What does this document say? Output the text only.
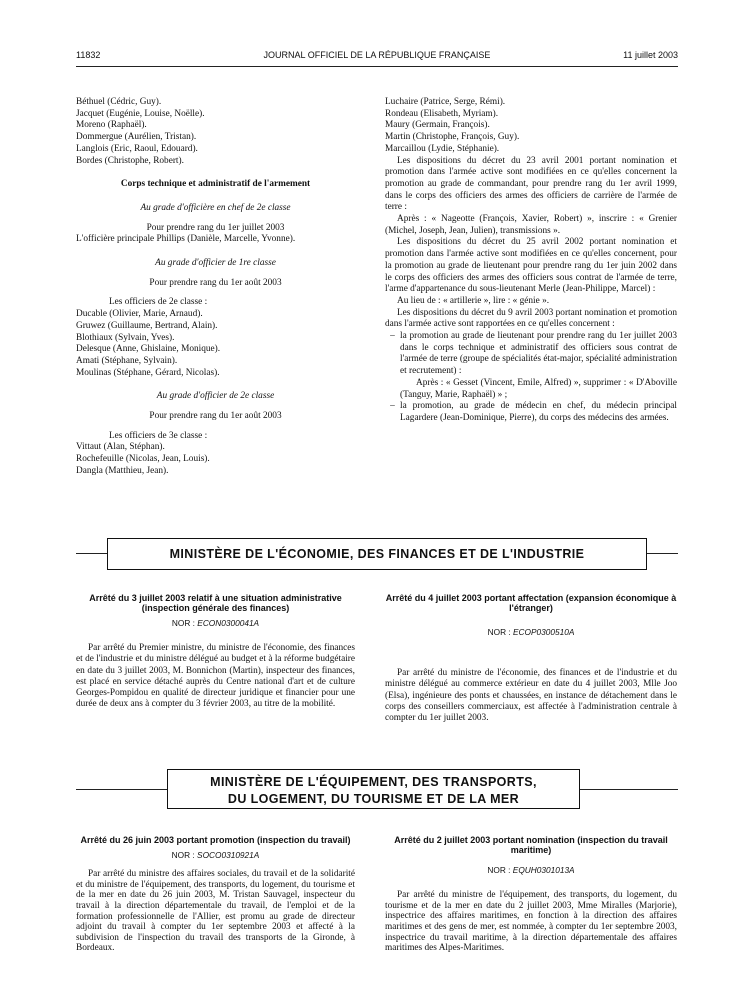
11832	JOURNAL OFFICIEL DE LA RÉPUBLIQUE FRANÇAISE	11 juillet 2003

Béthuel (Cédric, Guy).

Jacquet (Eugénie, Louise, Noëlle).

Moreno (Raphaël).

Dommergue (Aurélien, Tristan).

Langlois (Eric, Raoul, Edouard).

Bordes (Christophe, Robert).

Corps technique et administratif de l'armement

Au grade d'officière en chef de 2e classe

Pour prendre rang du 1er juillet 2003

L'officière principale Phillips (Danièle, Marcelle, Yvonne).

Au grade d'officier de 1re classe

Pour prendre rang du 1er août 2003

Les officiers de 2e classe :

Ducable (Olivier, Marie, Arnaud).

Gruwez (Guillaume, Bertrand, Alain).

Blothiaux (Sylvain, Yves).

Delesque (Anne, Ghislaine, Monique).

Amati (Stéphane, Sylvain).

Moulinas (Stéphane, Gérard, Nicolas).

Au grade d'officier de 2e classe

Pour prendre rang du 1er août 2003

Les officiers de 3e classe :

Vittaut (Alan, Stéphan).

Rochefeuille (Nicolas, Jean, Louis).

Dangla (Matthieu, Jean).

Luchaire (Patrice, Serge, Rémi).

Rondeau (Elisabeth, Myriam).

Maury (Germain, François).

Martin (Christophe, François, Guy).

Marcaillou (Lydie, Stéphanie).

Les dispositions du décret du 23 avril 2001 portant nomination et promotion dans l'armée active sont modifiées en ce qu'elles concernent la promotion au grade de commandant, pour prendre rang du 1er avril 1999, dans le corps des officiers des armes des officiers de carrière de l'armée de terre :

Après : « Nageotte (François, Xavier, Robert) », inscrire : « Grenier (Michel, Joseph, Jean, Julien), transmissions ».

Les dispositions du décret du 25 avril 2002 portant nomination et promotion dans l'armée active sont modifiées en ce qu'elles concernent, pour la promotion au grade de lieutenant pour prendre rang du 1er juin 2002 dans le corps des officiers des armes des officiers sous contrat de l'armée de terre, l'arme d'appartenance du sous-lieutenant Merle (Jean-Philippe, Marcel) :

Au lieu de : « artillerie », lire : « génie ».

Les dispositions du décret du 9 avril 2003 portant nomination et promotion dans l'armée active sont rapportées en ce qu'elles concernent :

– la promotion au grade de lieutenant pour prendre rang du 1er juillet 2003 dans le corps technique et administratif des officiers sous contrat de l'armée de terre (groupe de spécialités état-major, spécialité administration et recrutement) :
Après : « Gesset (Vincent, Emile, Alfred) », supprimer : « D'Aboville (Tanguy, Marie, Raphaël) » ;
– la promotion, au grade de médecin en chef, du médecin principal Lagardere (Jean-Dominique, Pierre), du corps des médecins des armées.
MINISTÈRE DE L'ÉCONOMIE, DES FINANCES ET DE L'INDUSTRIE
Arrêté du 3 juillet 2003 relatif à une situation administrative (inspection générale des finances)
NOR : ECON0300041A

Par arrêté du Premier ministre, du ministre de l'économie, des finances et de l'industrie et du ministre délégué au budget et à la réforme budgétaire en date du 3 juillet 2003, M. Bonnichon (Martin), inspecteur des finances, est placé en service détaché auprès du Centre national d'art et de culture Georges-Pompidou en qualité de directeur juridique et financier pour une durée de deux ans à compter du 3 février 2003, au titre de la mobilité.

Arrêté du 4 juillet 2003 portant affectation (expansion économique à l'étranger)
NOR : ECOP0300510A

Par arrêté du ministre de l'économie, des finances et de l'industrie et du ministre délégué au commerce extérieur en date du 4 juillet 2003, Mlle Joo (Elsa), ingénieure des ponts et chaussées, en instance de détachement dans le corps des conseillers commerciaux, est affectée à l'administration centrale à compter du 1er juillet 2003.

MINISTÈRE DE L'ÉQUIPEMENT, DES TRANSPORTS,
DU LOGEMENT, DU TOURISME ET DE LA MER
Arrêté du 26 juin 2003 portant promotion (inspection du travail)
NOR : SOCO0310921A

Par arrêté du ministre des affaires sociales, du travail et de la solidarité et du ministre de l'équipement, des transports, du logement, du tourisme et de la mer en date du 26 juin 2003, M. Tristan Sauvagel, inspecteur du travail à la direction départementale du travail, de l'emploi et de la formation professionnelle de l'Allier, est promu au grade de directeur adjoint du travail à compter du 1er septembre 2003 et affecté à la subdivision de l'inspection du travail des transports de la Gironde, à Bordeaux.

Arrêté du 2 juillet 2003 portant nomination (inspection du travail maritime)
NOR : EQUH0301013A

Par arrêté du ministre de l'équipement, des transports, du logement, du tourisme et de la mer en date du 2 juillet 2003, Mme Miralles (Marjorie), inspectrice des affaires maritimes, en fonction à la direction des affaires maritimes et des gens de mer, est nommée, à compter du 1er septembre 2003, inspectrice du travail maritime, à la direction départementale des affaires maritimes des Alpes-Maritimes.
